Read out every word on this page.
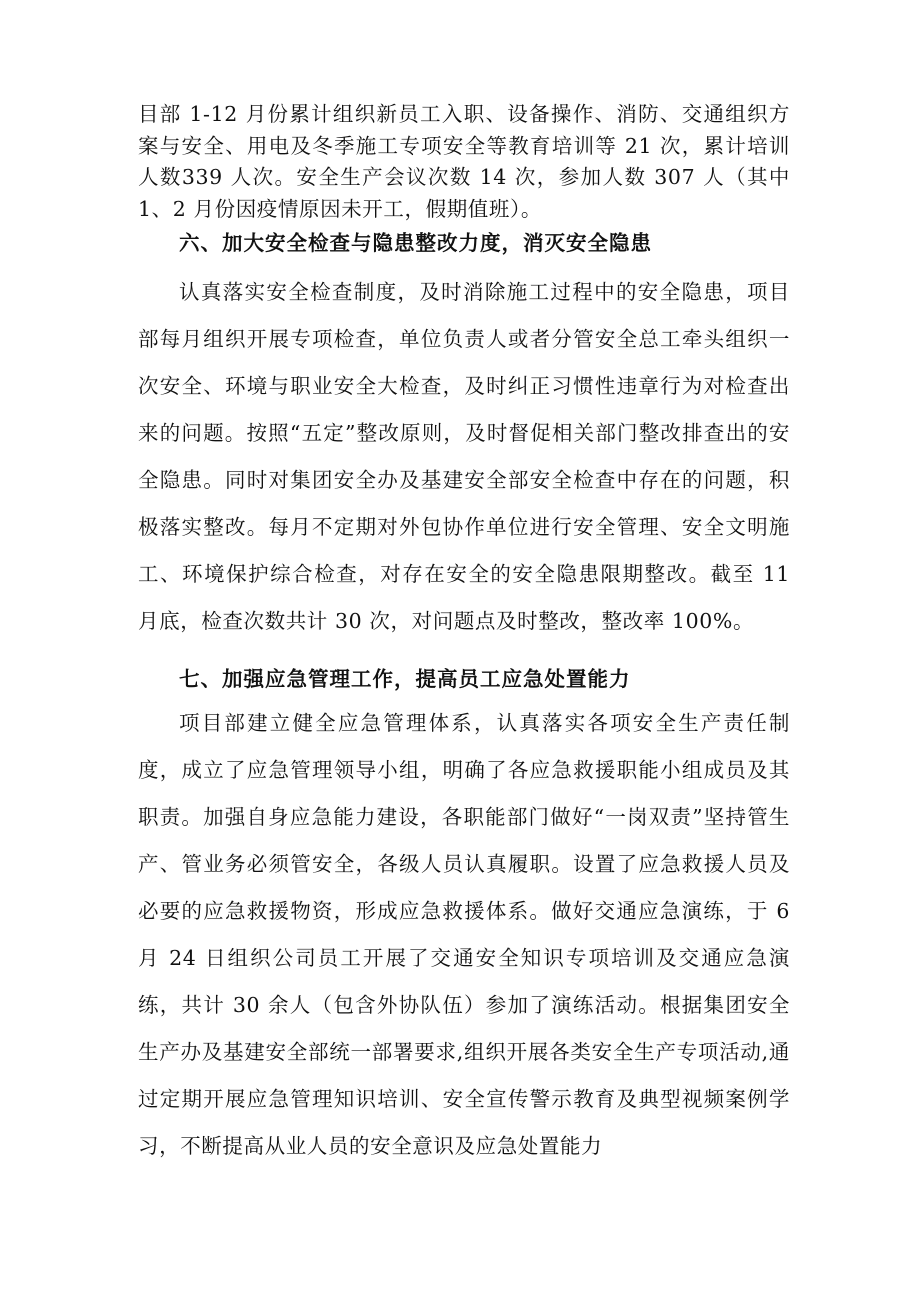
目部 1-12 月份累计组织新员工入职、设备操作、消防、交通组织方案与安全、用电及冬季施工专项安全等教育培训等 21 次，累计培训人数339 人次。安全生产会议次数 14 次，参加人数 307 人（其中 1、2 月份因疫情原因未开工，假期值班）。

六、加大安全检查与隐患整改力度，消灭安全隐患

认真落实安全检查制度，及时消除施工过程中的安全隐患，项目部每月组织开展专项检查，单位负责人或者分管安全总工牵头组织一次安全、环境与职业安全大检查，及时纠正习惯性违章行为对检查出来的问题。按照“五定”整改原则，及时督促相关部门整改排查出的安全隐患。同时对集团安全办及基建安全部安全检查中存在的问题，积极落实整改。每月不定期对外包协作单位进行安全管理、安全文明施工、环境保护综合检查，对存在安全的安全隐患限期整改。截至 11 月底，检查次数共计 30 次，对问题点及时整改，整改率 100%。

七、加强应急管理工作，提高员工应急处置能力

项目部建立健全应急管理体系，认真落实各项安全生产责任制度，成立了应急管理领导小组，明确了各应急救援职能小组成员及其职责。加强自身应急能力建设，各职能部门做好“一岗双责”坚持管生产、管业务必须管安全，各级人员认真履职。设置了应急救援人员及必要的应急救援物资，形成应急救援体系。做好交通应急演练，于 6 月 24 日组织公司员工开展了交通安全知识专项培训及交通应急演练，共计 30 余人（包含外协队伍）参加了演练活动。根据集团安全生产办及基建安全部统一部署要求,组织开展各类安全生产专项活动,通过定期开展应急管理知识培训、安全宣传警示教育及典型视频案例学习，不断提高从业人员的安全意识及应急处置能力
